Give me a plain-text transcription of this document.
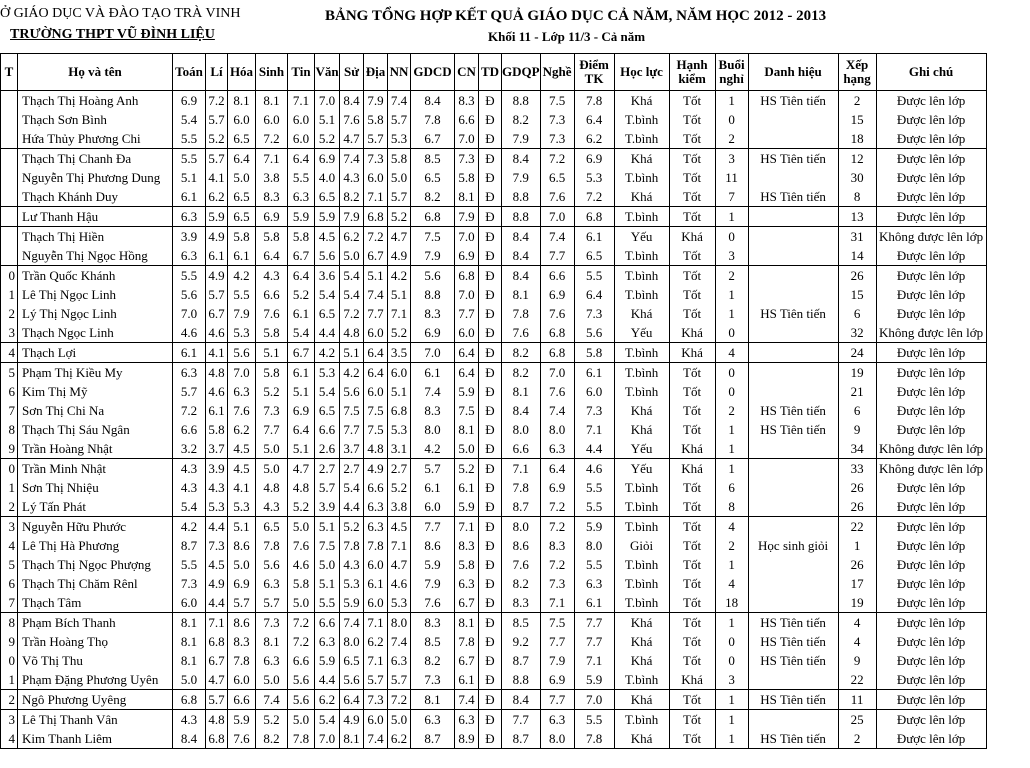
Ở GIÁO DỤC VÀ ĐÀO TẠO TRÀ VINH
TRƯỜNG THPT VŨ ĐÌNH LIỆU
BẢNG TỔNG HỢP KẾT QUẢ GIÁO DỤC CẢ NĂM, NĂM HỌC 2012 - 2013
Khối 11 - Lớp 11/3 - Cả năm
T	Họ và tên	Toán	Lí	Hóa	Sinh	Tin	Văn	Sử	Địa	NN	GDCD	CN	TD	GDQP	Nghề	Điểm TK	Học lực	Hạnh kiểm	Buổi nghỉ	Danh hiệu	Xếp hạng	Ghi chú
	Thạch Thị Hoàng Anh	6.9	7.2	8.1	8.1	7.1	7.0	8.4	7.9	7.4	8.4	8.3	Đ	8.8	7.5	7.8	Khá	Tốt	1	HS Tiên tiến	2	Được lên lớp
	Thạch Sơn Bình	5.4	5.7	6.0	6.0	6.0	5.1	7.6	5.8	5.7	7.8	6.6	Đ	8.2	7.3	6.4	T.bình	Tốt	0		15	Được lên lớp
	Hứa Thủy Phương Chi	5.5	5.2	6.5	7.2	6.0	5.2	4.7	5.7	5.3	6.7	7.0	Đ	7.9	7.3	6.2	T.bình	Tốt	2		18	Được lên lớp
	Thạch Thị Chanh Đa	5.5	5.7	6.4	7.1	6.4	6.9	7.4	7.3	5.8	8.5	7.3	Đ	8.4	7.2	6.9	Khá	Tốt	3	HS Tiên tiến	12	Được lên lớp
	Nguyễn Thị Phương Dung	5.1	4.1	5.0	3.8	5.5	4.0	4.3	6.0	5.0	6.5	5.8	Đ	7.9	6.5	5.3	T.bình	Tốt	11		30	Được lên lớp
	Thạch Khánh Duy	6.1	6.2	6.5	8.3	6.3	6.5	8.2	7.1	5.7	8.2	8.1	Đ	8.8	7.6	7.2	Khá	Tốt	7	HS Tiên tiến	8	Được lên lớp
	Lư Thanh Hậu	6.3	5.9	6.5	6.9	5.9	5.9	7.9	6.8	5.2	6.8	7.9	Đ	8.8	7.0	6.8	T.bình	Tốt	1		13	Được lên lớp
	Thạch Thị Hiền	3.9	4.9	5.8	5.8	5.8	4.5	6.2	7.2	4.7	7.5	7.0	Đ	8.4	7.4	6.1	Yếu	Khá	0		31	Không được lên lớp
	Nguyễn Thị Ngọc Hồng	6.3	6.1	6.1	6.4	6.7	5.6	5.0	6.7	4.9	7.9	6.9	Đ	8.4	7.7	6.5	T.bình	Tốt	3		14	Được lên lớp
0	Trần Quốc Khánh	5.5	4.9	4.2	4.3	6.4	3.6	5.4	5.1	4.2	5.6	6.8	Đ	8.4	6.6	5.5	T.bình	Tốt	2		26	Được lên lớp
1	Lê Thị Ngọc Linh	5.6	5.7	5.5	6.6	5.2	5.4	5.4	7.4	5.1	8.8	7.0	Đ	8.1	6.9	6.4	T.bình	Tốt	1		15	Được lên lớp
2	Lý Thị Ngọc Linh	7.0	6.7	7.9	7.6	6.1	6.5	7.2	7.7	7.1	8.3	7.7	Đ	7.8	7.6	7.3	Khá	Tốt	1	HS Tiên tiến	6	Được lên lớp
3	Thạch Ngọc Linh	4.6	4.6	5.3	5.8	5.4	4.4	4.8	6.0	5.2	6.9	6.0	Đ	7.6	6.8	5.6	Yếu	Khá	0		32	Không được lên lớp
4	Thạch Lợi	6.1	4.1	5.6	5.1	6.7	4.2	5.1	6.4	3.5	7.0	6.4	Đ	8.2	6.8	5.8	T.bình	Khá	4		24	Được lên lớp
5	Phạm Thị Kiều My	6.3	4.8	7.0	5.8	6.1	5.3	4.2	6.4	6.0	6.1	6.4	Đ	8.2	7.0	6.1	T.bình	Tốt	0		19	Được lên lớp
6	Kim Thị Mỹ	5.7	4.6	6.3	5.2	5.1	5.4	5.6	6.0	5.1	7.4	5.9	Đ	8.1	7.6	6.0	T.bình	Tốt	0		21	Được lên lớp
7	Sơn Thị Chi Na	7.2	6.1	7.6	7.3	6.9	6.5	7.5	7.5	6.8	8.3	7.5	Đ	8.4	7.4	7.3	Khá	Tốt	2	HS Tiên tiến	6	Được lên lớp
8	Thạch Thị Sáu Ngân	6.6	5.8	6.2	7.7	6.4	6.6	7.7	7.5	5.3	8.0	8.1	Đ	8.0	8.0	7.1	Khá	Tốt	1	HS Tiên tiến	9	Được lên lớp
9	Trần Hoàng Nhật	3.2	3.7	4.5	5.0	5.1	2.6	3.7	4.8	3.1	4.2	5.0	Đ	6.6	6.3	4.4	Yếu	Khá	1		34	Không được lên lớp
0	Trần Minh Nhật	4.3	3.9	4.5	5.0	4.7	2.7	2.7	4.9	2.7	5.7	5.2	Đ	7.1	6.4	4.6	Yếu	Khá	1		33	Không được lên lớp
1	Sơn Thị Nhiệu	4.3	4.3	4.1	4.8	4.8	5.7	5.4	6.6	5.2	6.1	6.1	Đ	7.8	6.9	5.5	T.bình	Tốt	6		26	Được lên lớp
2	Lý Tấn Phát	5.4	5.3	5.3	4.3	5.2	3.9	4.4	6.3	3.8	6.0	5.9	Đ	8.7	7.2	5.5	T.bình	Tốt	8		26	Được lên lớp
3	Nguyễn Hữu Phước	4.2	4.4	5.1	6.5	5.0	5.1	5.2	6.3	4.5	7.7	7.1	Đ	8.0	7.2	5.9	T.bình	Tốt	4		22	Được lên lớp
4	Lê Thị Hà Phương	8.7	7.3	8.6	7.8	7.6	7.5	7.8	7.8	7.1	8.6	8.3	Đ	8.6	8.3	8.0	Giỏi	Tốt	2	Học sinh giỏi	1	Được lên lớp
5	Thạch Thị Ngọc Phượng	5.5	4.5	5.0	5.6	4.6	5.0	4.3	6.0	4.7	5.9	5.8	Đ	7.6	7.2	5.5	T.bình	Tốt	1		26	Được lên lớp
6	Thạch Thị Chăm Rênl	7.3	4.9	6.9	6.3	5.8	5.1	5.3	6.1	4.6	7.9	6.3	Đ	8.2	7.3	6.3	T.bình	Tốt	4		17	Được lên lớp
7	Thạch Tâm	6.0	4.4	5.7	5.7	5.0	5.5	5.9	6.0	5.3	7.6	6.7	Đ	8.3	7.1	6.1	T.bình	Tốt	18		19	Được lên lớp
8	Phạm Bích Thanh	8.1	7.1	8.6	7.3	7.2	6.6	7.4	7.1	8.0	8.3	8.1	Đ	8.5	7.5	7.7	Khá	Tốt	1	HS Tiên tiến	4	Được lên lớp
9	Trần Hoàng Thọ	8.1	6.8	8.3	8.1	7.2	6.3	8.0	6.2	7.4	8.5	7.8	Đ	9.2	7.7	7.7	Khá	Tốt	0	HS Tiên tiến	4	Được lên lớp
0	Võ Thị Thu	8.1	6.7	7.8	6.3	6.6	5.9	6.5	7.1	6.3	8.2	6.7	Đ	8.7	7.9	7.1	Khá	Tốt	0	HS Tiên tiến	9	Được lên lớp
1	Phạm Đặng Phương Uyên	5.0	4.7	6.0	5.0	5.6	4.4	5.6	5.7	5.7	7.3	6.1	Đ	8.8	6.9	5.9	T.bình	Khá	3		22	Được lên lớp
2	Ngô Phương Uyêng	6.8	5.7	6.6	7.4	5.6	6.2	6.4	7.3	7.2	8.1	7.4	Đ	8.4	7.7	7.0	Khá	Tốt	1	HS Tiên tiến	11	Được lên lớp
3	Lê Thị Thanh Vân	4.3	4.8	5.9	5.2	5.0	5.4	4.9	6.0	5.0	6.3	6.3	Đ	7.7	6.3	5.5	T.bình	Tốt	1		25	Được lên lớp
4	Kim Thanh Liêm	8.4	6.8	7.6	8.2	7.8	7.0	8.1	7.4	6.2	8.7	8.9	Đ	8.7	8.0	7.8	Khá	Tốt	1	HS Tiên tiến	2	Được lên lớp
